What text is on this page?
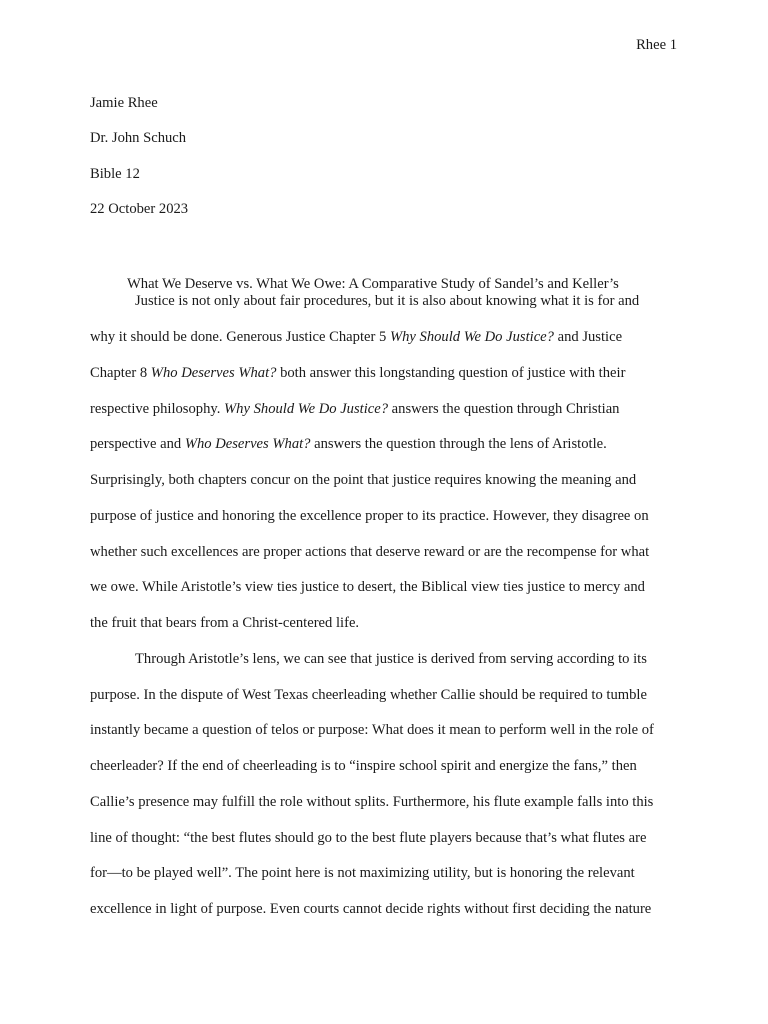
Rhee 1
Jamie Rhee
Dr. John Schuch
Bible 12
22 October 2023
What We Deserve vs. What We Owe: A Comparative Study of Sandel’s and Keller’s
Justice is not only about fair procedures, but it is also about knowing what it is for and
why it should be done. Generous Justice Chapter 5 Why Should We Do Justice? and Justice
Chapter 8 Who Deserves What? both answer this longstanding question of justice with their
respective philosophy. Why Should We Do Justice? answers the question through Christian
perspective and Who Deserves What? answers the question through the lens of Aristotle.
Surprisingly, both chapters concur on the point that justice requires knowing the meaning and
purpose of justice and honoring the excellence proper to its practice. However, they disagree on
whether such excellences are proper actions that deserve reward or are the recompense for what
we owe. While Aristotle’s view ties justice to desert, the Biblical view ties justice to mercy and
the fruit that bears from a Christ-centered life.
Through Aristotle’s lens, we can see that justice is derived from serving according to its
purpose. In the dispute of West Texas cheerleading whether Callie should be required to tumble
instantly became a question of telos or purpose: What does it mean to perform well in the role of
cheerleader? If the end of cheerleading is to “inspire school spirit and energize the fans,” then
Callie’s presence may fulfill the role without splits. Furthermore, his flute example falls into this
line of thought: “the best flutes should go to the best flute players because that’s what flutes are
for—to be played well”. The point here is not maximizing utility, but is honoring the relevant
excellence in light of purpose. Even courts cannot decide rights without first deciding the nature
